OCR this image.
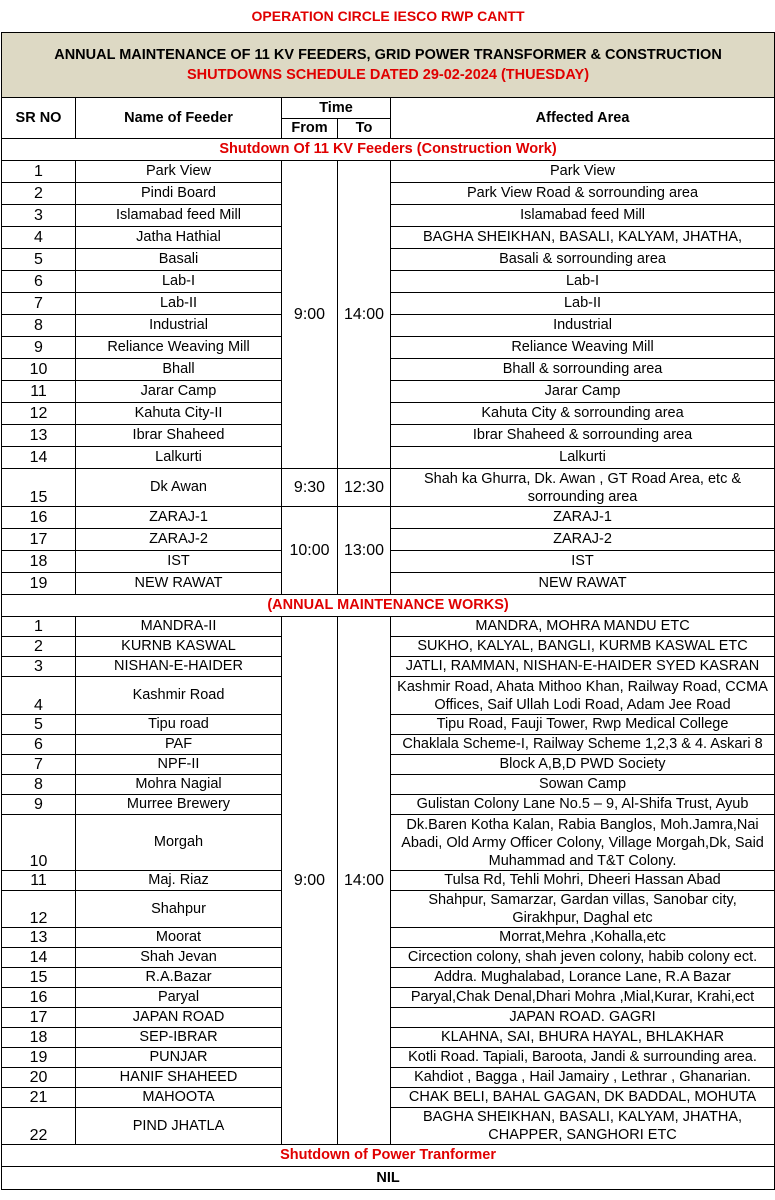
OPERATION CIRCLE IESCO RWP CANTT				

ANNUAL MAINTENANCE OF 11 KV FEEDERS, GRID POWER TRANSFORMER & CONSTRUCTION
SHUTDOWNS SCHEDULE DATED 29-02-2024 (THUESDAY)				

SR NO	Name of Feeder	Time		Affected Area
		From	To	
Shutdown Of 11 KV Feeders (Construction Work)				
1	Park View	9:00	14:00	Park View
2	Pindi Board			Park View Road & sorrounding area
3	Islamabad feed Mill			Islamabad feed Mill
4	Jatha Hathial			BAGHA SHEIKHAN, BASALI, KALYAM, JHATHA,
5	Basali			Basali & sorrounding area
6	Lab-I			Lab-I
7	Lab-II			Lab-II
8	Industrial			Industrial
9	Reliance Weaving Mill			Reliance Weaving Mill
10	Bhall			Bhall & sorrounding area
11	Jarar Camp			Jarar Camp
12	Kahuta City-II			Kahuta City & sorrounding area
13	Ibrar Shaheed			Ibrar Shaheed & sorrounding area
14	Lalkurti			Lalkurti
15	Dk Awan	9:30	12:30	Shah ka Ghurra, Dk. Awan , GT Road Area, etc & sorrounding area
16	ZARAJ-1	10:00	13:00	ZARAJ-1
17	ZARAJ-2			ZARAJ-2
18	IST			IST
19	NEW RAWAT			NEW RAWAT
(ANNUAL MAINTENANCE WORKS)				
1	MANDRA-II	9:00	14:00	MANDRA, MOHRA MANDU ETC
2	KURNB KASWAL			SUKHO, KALYAL, BANGLI, KURMB KASWAL ETC
3	NISHAN-E-HAIDER			JATLI, RAMMAN, NISHAN-E-HAIDER SYED KASRAN
4	Kashmir Road			Kashmir Road, Ahata Mithoo Khan, Railway Road, CCMA Offices, Saif Ullah Lodi Road, Adam Jee Road
5	Tipu road			Tipu Road, Fauji Tower, Rwp Medical College
6	PAF			Chaklala Scheme-I, Railway Scheme 1,2,3 & 4. Askari 8
7	NPF-II			Block A,B,D PWD Society
8	Mohra Nagial			Sowan Camp
9	Murree Brewery			Gulistan Colony Lane No.5 – 9, Al-Shifa Trust, Ayub
10	Morgah			Dk.Baren Kotha Kalan, Rabia Banglos, Moh.Jamra,Nai Abadi, Old Army Officer Colony, Village Morgah,Dk, Said Muhammad and T&T Colony.
11	Maj. Riaz			Tulsa Rd, Tehli Mohri, Dheeri Hassan Abad
12	Shahpur			Shahpur, Samarzar, Gardan villas, Sanobar city, Girakhpur, Daghal etc
13	Moorat			Morrat,Mehra ,Kohalla,etc
14	Shah Jevan			Circection colony, shah jeven colony, habib colony ect.
15	R.A.Bazar			Addra. Mughalabad, Lorance Lane, R.A Bazar
16	Paryal			Paryal,Chak Denal,Dhari Mohra ,Mial,Kurar, Krahi,ect
17	JAPAN ROAD			JAPAN ROAD. GAGRI
18	SEP-IBRAR			KLAHNA, SAI, BHURA HAYAL, BHLAKHAR
19	PUNJAR			Kotli Road. Tapiali, Baroota, Jandi & surrounding area.
20	HANIF SHAHEED			Kahdiot , Bagga , Hail Jamairy , Lethrar , Ghanarian.
21	MAHOOTA			CHAK BELI, BAHAL GAGAN, DK BADDAL, MOHUTA
22	PIND JHATLA			BAGHA SHEIKHAN, BASALI, KALYAM, JHATHA, CHAPPER, SANGHORI ETC
Shutdown of Power Tranformer				
NIL				
